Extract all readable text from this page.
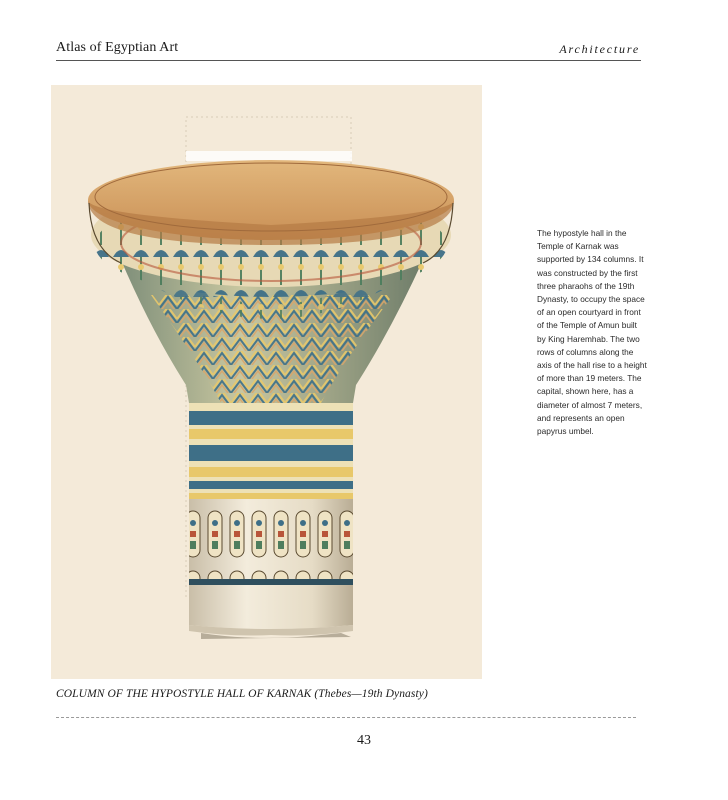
Atlas of Egyptian Art	Architecture
The hypostyle hall in the Temple of Karnak was supported by 134 columns. It was constructed by the first three pharaohs of the 19th Dynasty, to occupy the space of an open courtyard in front of the Temple of Amun built by King Haremhab. The two rows of columns along the axis of the hall rise to a height of more than 19 meters. The capital, shown here, has a diameter of almost 7 meters, and represents an open papyrus umbel.
COLUMN OF THE HYPOSTYLE HALL OF KARNAK (Thebes—19th Dynasty)
43
